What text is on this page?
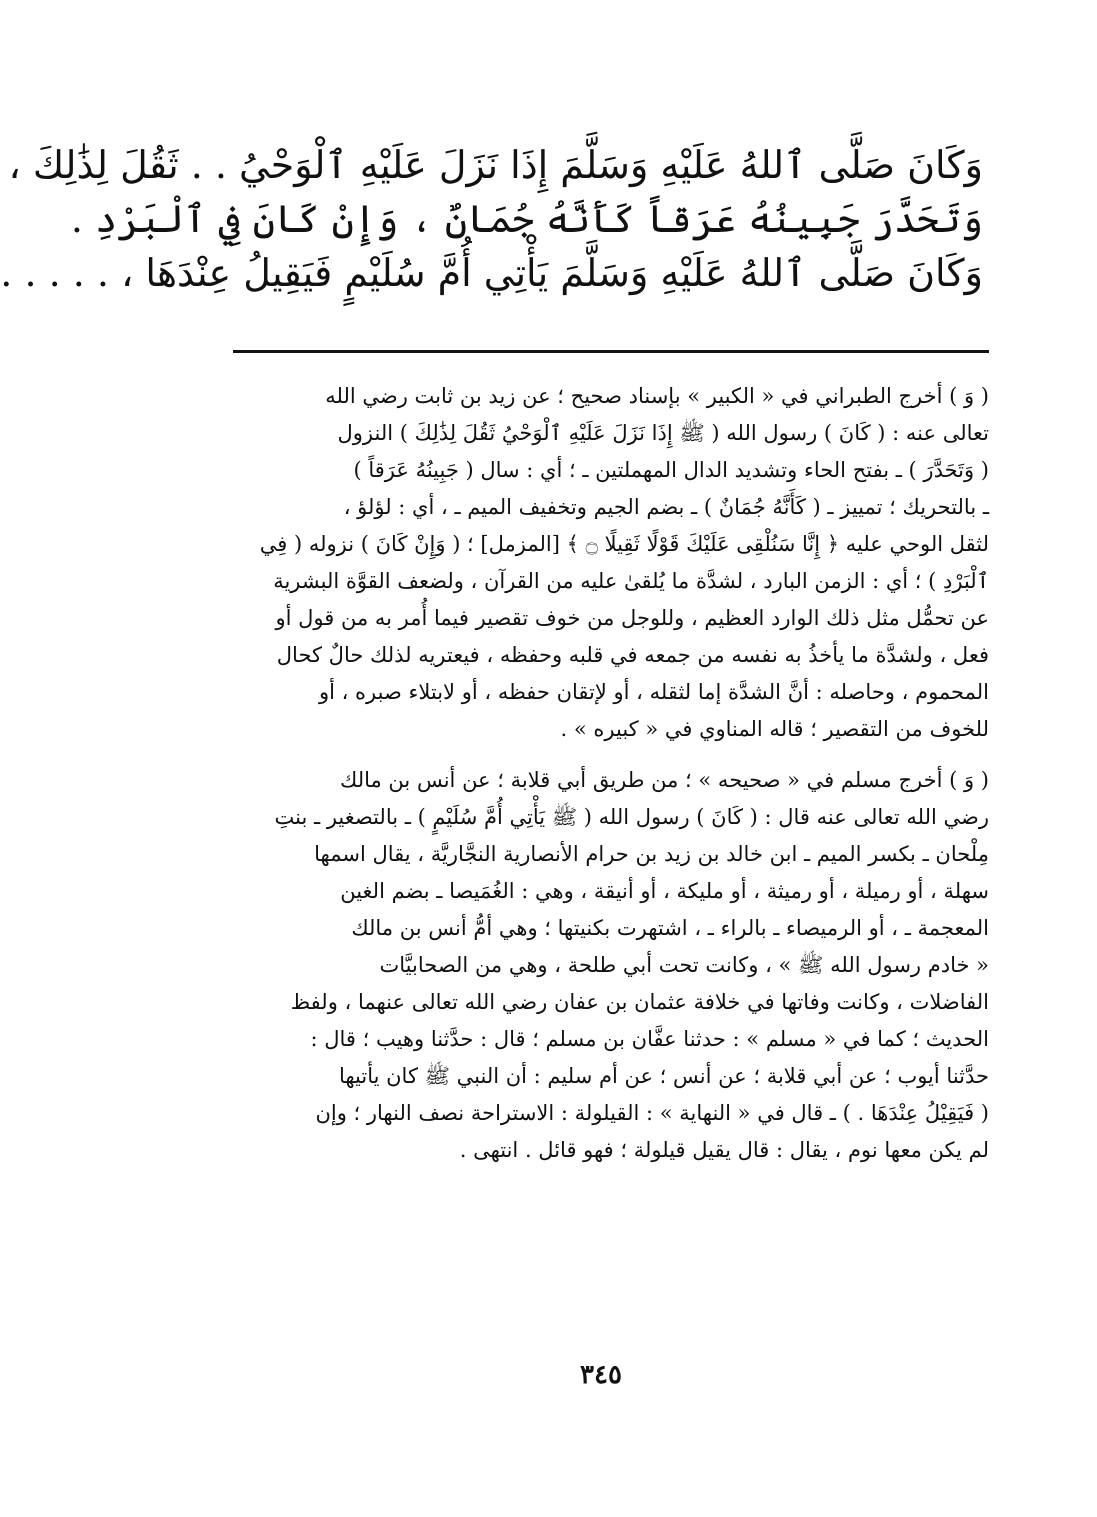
وَكَانَ صَلَّى ٱللهُ عَلَيْهِ وَسَلَّمَ إِذَا نَزَلَ عَلَيْهِ ٱلْوَحْيُ . . ثَقُلَ لِذَٰلِكَ ،

وَتَحَدَّرَ جَبِينُهُ عَرَقاً كَأَنَّهُ جُمَانٌ ، وَإِنْ كَانَ فِي ٱلْبَرْدِ .

وَكَانَ صَلَّى ٱللهُ عَلَيْهِ وَسَلَّمَ يَأْتِي أُمَّ سُلَيْمٍ فَيَقِيلُ عِنْدَهَا ، . . . . .

( وَ ) أخرج الطبراني في « الكبير » بإسناد صحيح ؛ عن زيد بن ثابت رضي الله
تعالى عنه : ( كَانَ ) رسول الله ( ﷺ إِذَا نَزَلَ عَلَيْهِ ٱلْوَحْيُ ثَقُلَ لِذَٰلِكَ ) النزول
( وَتَحَدَّرَ ) ـ بفتح الحاء وتشديد الدال المهملتين ـ ؛ أي : سال ( جَبِينُهُ عَرَقاً )
ـ بالتحريك ؛ تمييز ـ ( كَأَنَّهُ جُمَانٌ ) ـ بضم الجيم وتخفيف الميم ـ ، أي : لؤلؤ ،
لثقل الوحي عليه ﴿ إِنَّا سَنُلْقِى عَلَيْكَ قَوْلًا ثَقِيلًا ۝ ﴾ [المزمل] ؛ ( وَإِنْ كَانَ ) نزوله ( فِي
ٱلْبَرْدِ ) ؛ أي : الزمن البارد ، لشدَّة ما يُلقىٰ عليه من القرآن ، ولضعف القوَّة البشرية
عن تحمُّل مثل ذلك الوارد العظيم ، وللوجل من خوف تقصير فيما أُمر به من قول أو
فعل ، ولشدَّة ما يأخذُ به نفسه من جمعه في قلبه وحفظه ، فيعتريه لذلك حالٌ كحال
المحموم ، وحاصله : أنَّ الشدَّة إما لثقله ، أو لإتقان حفظه ، أو لابتلاء صبره ، أو
للخوف من التقصير ؛ قاله المناوي في « كبيره » .
( وَ ) أخرج مسلم في « صحيحه » ؛ من طريق أبي قلابة ؛ عن أنس بن مالك
رضي الله تعالى عنه قال : ( كَانَ ) رسول الله ( ﷺ يَأْتِي أُمَّ سُلَيْمٍ ) ـ بالتصغير ـ بنتِ
مِلْحان ـ بكسر الميم ـ ابن خالد بن زيد بن حرام الأنصارية النجَّاريَّة ، يقال اسمها
سهلة ، أو رميلة ، أو رميثة ، أو مليكة ، أو أنيقة ، وهي : الغُمَيصا ـ بضم الغين
المعجمة ـ ، أو الرميصاء ـ بالراء ـ ، اشتهرت بكنيتها ؛ وهي أمُّ أنس بن مالك
« خادم رسول الله ﷺ » ، وكانت تحت أبي طلحة ، وهي من الصحابيَّات
الفاضلات ، وكانت وفاتها في خلافة عثمان بن عفان رضي الله تعالى عنهما ، ولفظ
الحديث ؛ كما في « مسلم » : حدثنا عفَّان بن مسلم ؛ قال : حدَّثنا وهيب ؛ قال :
حدَّثنا أيوب ؛ عن أبي قلابة ؛ عن أنس ؛ عن أم سليم : أن النبي ﷺ كان يأتيها
( فَيَقِيْلُ عِنْدَهَا . ) ـ قال في « النهاية » : القيلولة : الاستراحة نصف النهار ؛ وإن
لم يكن معها نوم ، يقال : قال يقيل قيلولة ؛ فهو قائل . انتهى .
٣٤٥
